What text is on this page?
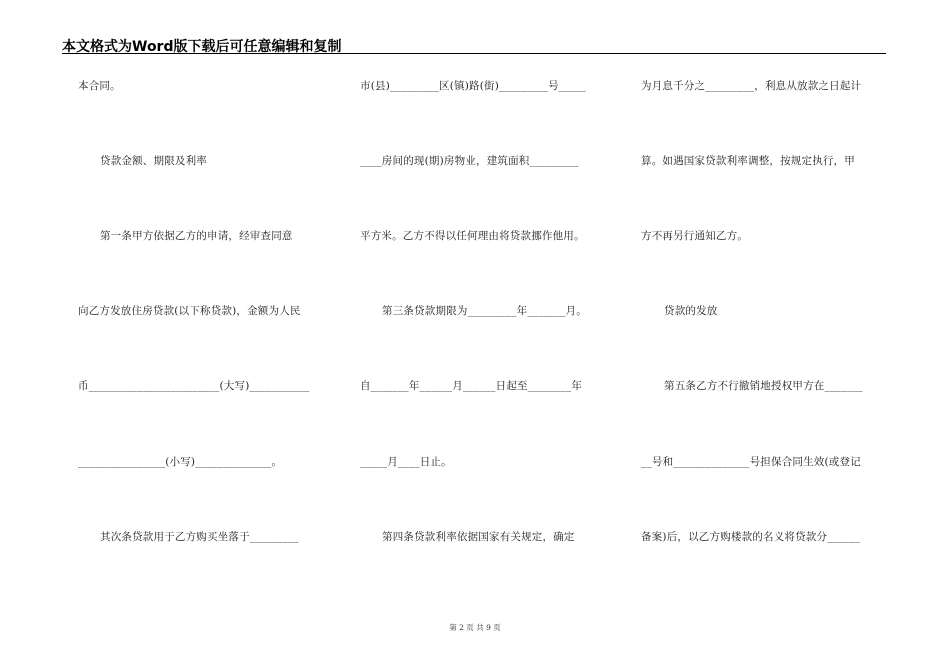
本文格式为Word版下载后可任意编辑和复制
本合同。
贷款金额、期限及利率
第一条甲方依据乙方的申请，经审查同意
向乙方发放住房贷款(以下称贷款)，金额为人民
币________________________(大写)___________
________________(小写)______________。
其次条贷款用于乙方购买坐落于_________
市(县)_________区(镇)路(街)_________号_____
____房间的现(期)房物业，建筑面积_________
平方米。乙方不得以任何理由将贷款挪作他用。
第三条贷款期限为_________年_______月。
自_______年______月______日起至________年
_____月____日止。
第四条贷款利率依据国家有关规定，确定
为月息千分之_________，利息从放款之日起计
算。如遇国家贷款利率调整，按规定执行，甲
方不再另行通知乙方。
贷款的发放
第五条乙方不行撤销地授权甲方在_______
__号和______________号担保合同生效(或登记
备案)后，以乙方购楼款的名义将贷款分______
第 2 页 共 9 页
